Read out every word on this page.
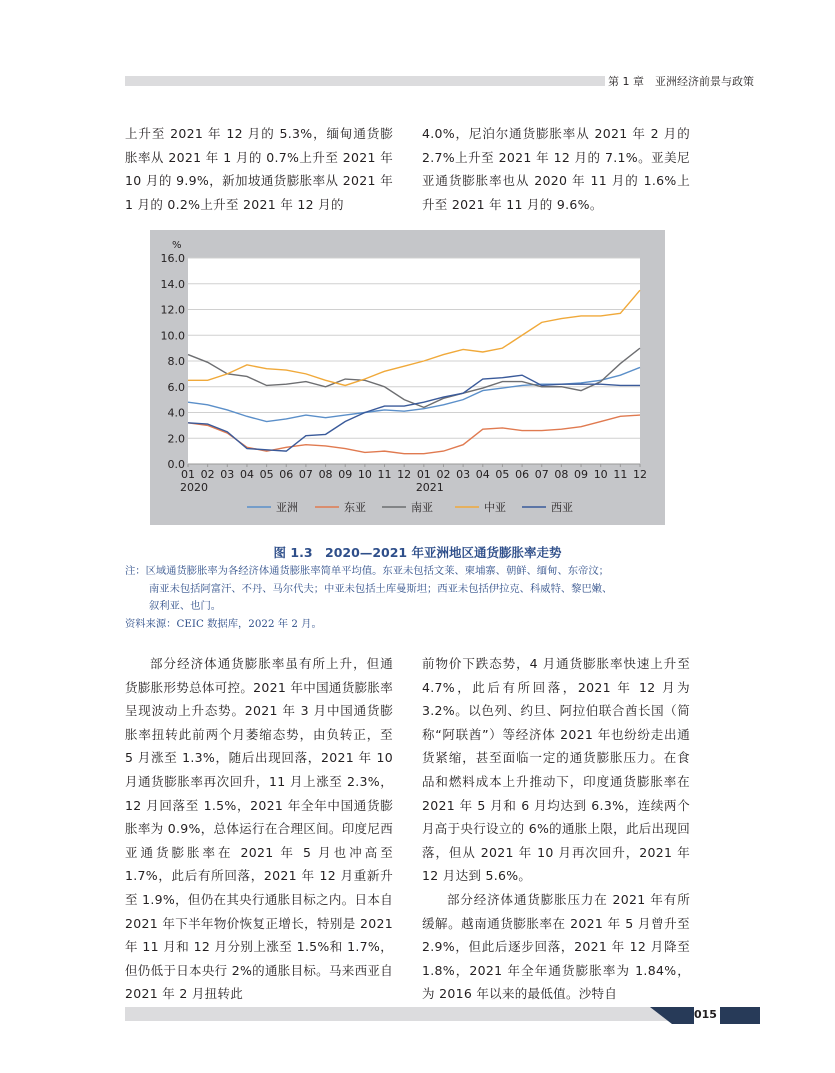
第 1 章　亚洲经济前景与政策

上升至 2021 年 12 月的 5.3%，缅甸通货膨胀率从 2021 年 1 月的 0.7%上升至 2021 年 10 月的 9.9%，新加坡通货膨胀率从 2021 年 1 月的 0.2%上升至 2021 年 12 月的

4.0%，尼泊尔通货膨胀率从 2021 年 2 月的 2.7%上升至 2021 年 12 月的 7.1%。亚美尼亚通货膨胀率也从 2020 年 11 月的 1.6%上升至 2021 年 11 月的 9.6%。

0.0
2.0
4.0
6.0
8.0
10.0
12.0
14.0
16.0
%
01 02 03 04 05 06 07 08 09 10 11 12 01 02 03 04 05 06 07 08 09 10 11 12
2020	2021
亚洲	东亚	南亚	中亚	西亚
图 1.3　2020—2021 年亚洲地区通货膨胀率走势

注：区域通货膨胀率为各经济体通货膨胀率简单平均值。东亚未包括文莱、柬埔寨、朝鲜、缅甸、东帝汶；

南亚未包括阿富汗、不丹、马尔代夫；中亚未包括土库曼斯坦；西亚未包括伊拉克、科威特、黎巴嫩、

叙利亚、也门。

资料来源：CEIC 数据库，2022 年 2 月。

部分经济体通货膨胀率虽有所上升，但通货膨胀形势总体可控。2021 年中国通货膨胀率呈现波动上升态势。2021 年 3 月中国通货膨胀率扭转此前两个月萎缩态势，由负转正，至 5 月涨至 1.3%，随后出现回落，2021 年 10 月通货膨胀率再次回升，11 月上涨至 2.3%，12 月回落至 1.5%，2021 年全年中国通货膨胀率为 0.9%，总体运行在合理区间。印度尼西亚通货膨胀率在 2021 年 5 月也冲高至 1.7%，此后有所回落，2021 年 12 月重新升至 1.9%，但仍在其央行通胀目标之内。日本自 2021 年下半年物价恢复正增长，特别是 2021 年 11 月和 12 月分别上涨至 1.5%和 1.7%，但仍低于日本央行 2%的通胀目标。马来西亚自 2021 年 2 月扭转此

前物价下跌态势，4 月通货膨胀率快速上升至 4.7%，此后有所回落，2021 年 12 月为 3.2%。以色列、约旦、阿拉伯联合酋长国（简称“阿联酋”）等经济体 2021 年也纷纷走出通货紧缩，甚至面临一定的通货膨胀压力。在食品和燃料成本上升推动下，印度通货膨胀率在 2021 年 5 月和 6 月均达到 6.3%，连续两个月高于央行设立的 6%的通胀上限，此后出现回落，但从 2021 年 10 月再次回升，2021 年 12 月达到 5.6%。

部分经济体通货膨胀压力在 2021 年有所缓解。越南通货膨胀率在 2021 年 5 月曾升至 2.9%，但此后逐步回落，2021 年 12 月降至 1.8%，2021 年全年通货膨胀率为 1.84%，为 2016 年以来的最低值。沙特自

015
